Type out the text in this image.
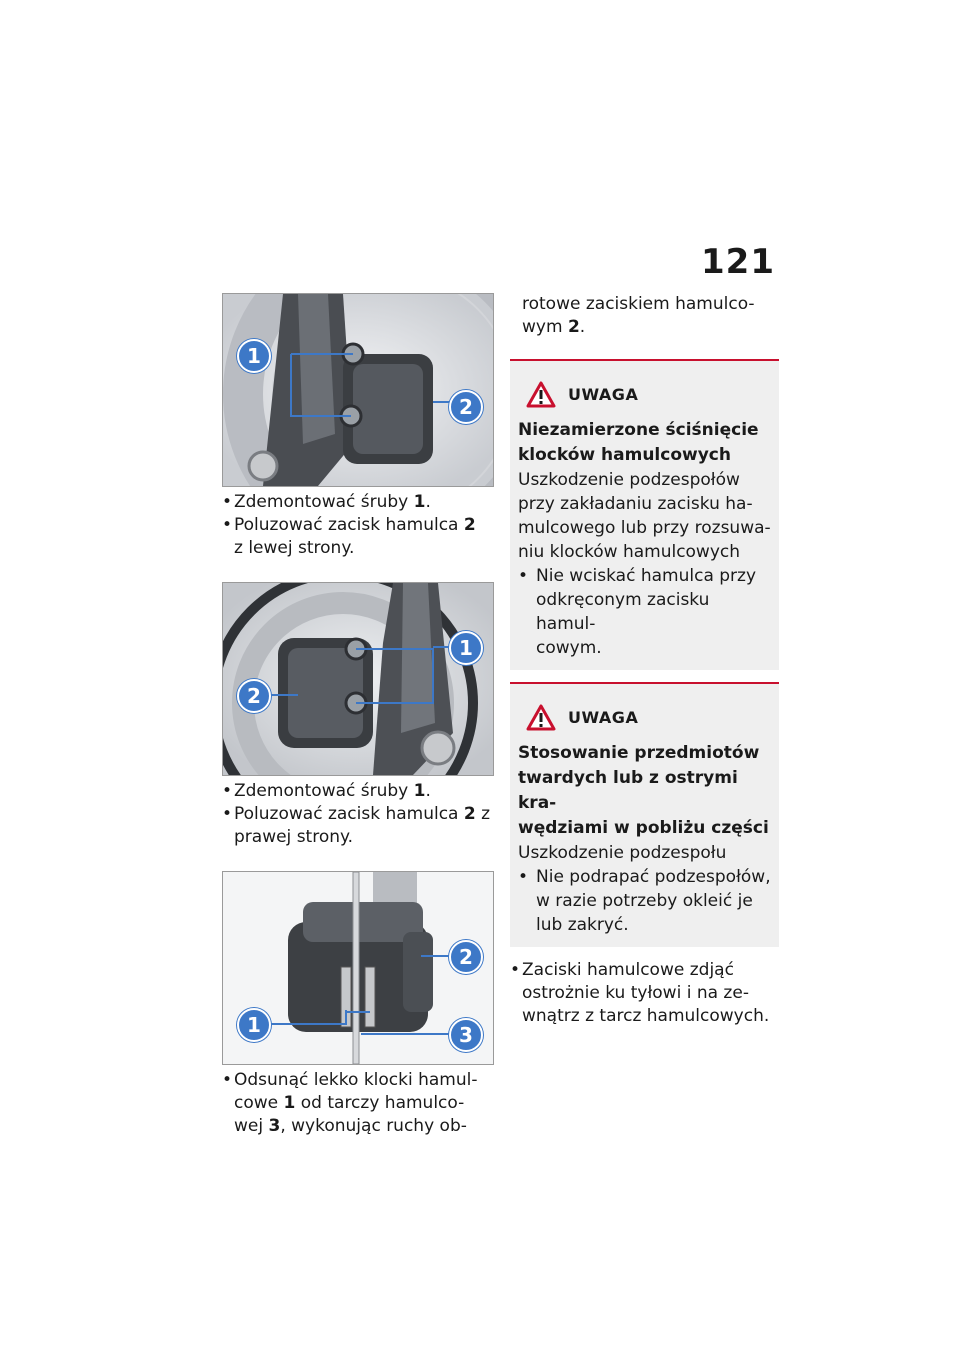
121
1
2
• Zdemontować śruby 1.
• Poluzować zacisk hamulca 2
z lewej strony.
1
2
• Zdemontować śruby 1.
• Poluzować zacisk hamulca 2 z
prawej strony.
1
2
3
• Odsunąć lekko klocki hamul-
cowe 1 od tarczy hamulco-
wej 3, wykonując ruchy ob-
rotowe zaciskiem hamulco-
wym 2.
UWAGA
Niezamierzone ściśnięcie
klocków hamulcowych
Uszkodzenie podzespołów
przy zakładaniu zacisku ha-
mulcowego lub przy rozsuwa-
niu klocków hamulcowych
• Nie wciskać hamulca przy
odkręconym zacisku hamul-
cowym.
UWAGA
Stosowanie przedmiotów
twardych lub z ostrymi kra-
wędziami w pobliżu części
Uszkodzenie podzespołu
• Nie podrapać podzespołów,
w razie potrzeby okleić je
lub zakryć.
• Zaciski hamulcowe zdjąć
ostrożnie ku tyłowi i na ze-
wnątrz z tarcz hamulcowych.
